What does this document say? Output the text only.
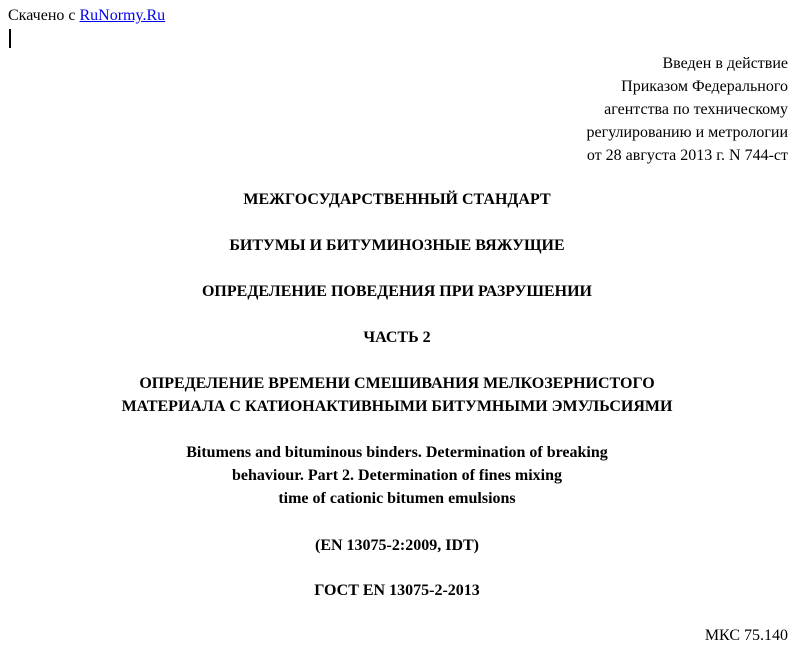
Скачено с RuNormy.Ru
Введен в действие
Приказом Федерального
агентства по техническому
регулированию и метрологии
от 28 августа 2013 г. N 744-ст
МЕЖГОСУДАРСТВЕННЫЙ СТАНДАРТ
БИТУМЫ И БИТУМИНОЗНЫЕ ВЯЖУЩИЕ
ОПРЕДЕЛЕНИЕ ПОВЕДЕНИЯ ПРИ РАЗРУШЕНИИ
ЧАСТЬ 2
ОПРЕДЕЛЕНИЕ ВРЕМЕНИ СМЕШИВАНИЯ МЕЛКОЗЕРНИСТОГО
МАТЕРИАЛА С КАТИОНАКТИВНЫМИ БИТУМНЫМИ ЭМУЛЬСИЯМИ
Bitumens and bituminous binders. Determination of breaking
behaviour. Part 2. Determination of fines mixing
time of cationic bitumen emulsions
(EN 13075-2:2009, IDT)
ГОСТ EN 13075-2-2013
МКС 75.140
